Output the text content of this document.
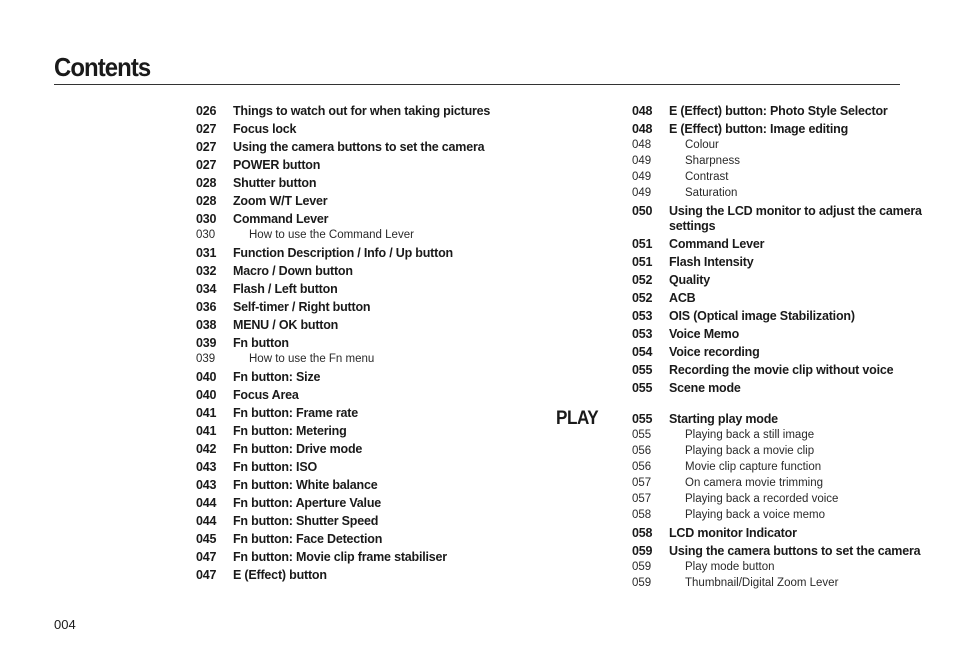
Contents
026	Things to watch out for when taking pictures
027	Focus lock
027	Using the camera buttons to set the camera
027	POWER button
028	Shutter button
028	Zoom W/T Lever
030	Command Lever
030	How to use the Command Lever
031	Function Description / Info / Up button
032	Macro / Down button
034	Flash / Left button
036	Self-timer / Right button
038	MENU / OK button
039	Fn button
039	How to use the Fn menu
040	Fn button: Size
040	Focus Area
041	Fn button: Frame rate
041	Fn button: Metering
042	Fn button: Drive mode
043	Fn button: ISO
043	Fn button: White balance
044	Fn button: Aperture Value
044	Fn button: Shutter Speed
045	Fn button: Face Detection
047	Fn button: Movie clip frame stabiliser
047	E (Effect) button
PLAY
048	E (Effect) button: Photo Style Selector
048	E (Effect) button: Image editing
048	Colour
049	Sharpness
049	Contrast
049	Saturation
050	Using the LCD monitor to adjust the camera settings
051	Command Lever
051	Flash Intensity
052	Quality
052	ACB
053	OIS (Optical image Stabilization)
053	Voice Memo
054	Voice recording
055	Recording the movie clip without voice
055	Scene mode
055	Starting play mode
055	Playing back a still image
056	Playing back a movie clip
056	Movie clip capture function
057	On camera movie trimming
057	Playing back a recorded voice
058	Playing back a voice memo
058	LCD monitor Indicator
059	Using the camera buttons to set the camera
059	Play mode button
059	Thumbnail/Digital Zoom Lever
004
